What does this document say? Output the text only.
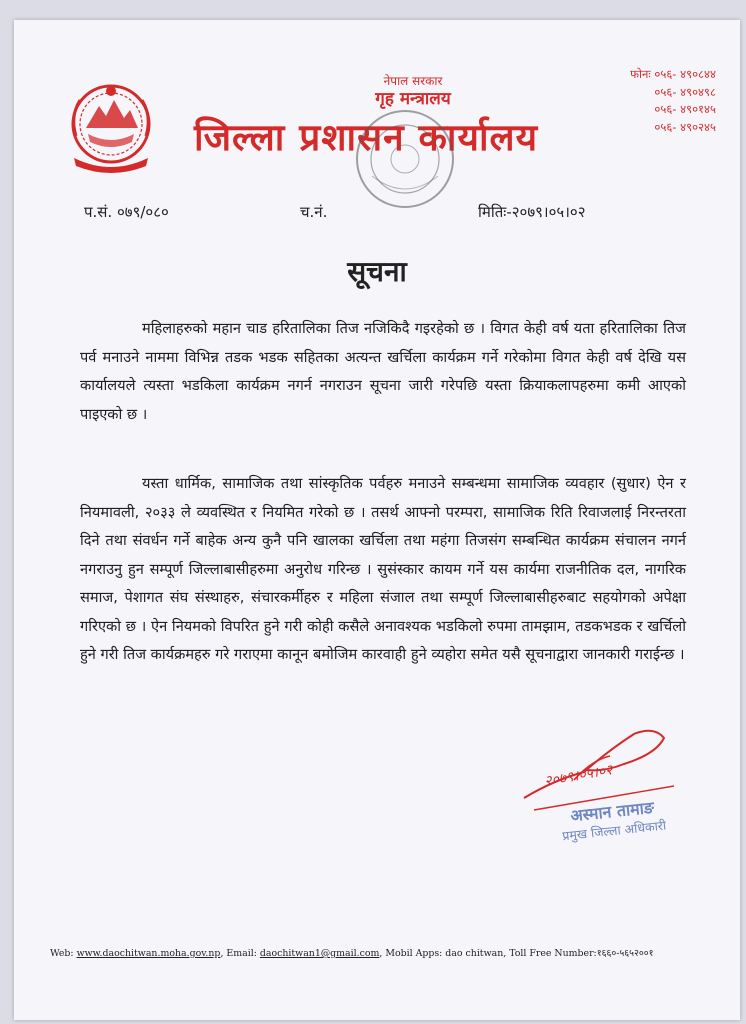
नेपाल सरकार
गृह मन्त्रालय
जिल्ला प्रशासन कार्यालय
फोनः ०५६- ४९०८४४
०५६- ४९०४९८
०५६- ४९०१४५
०५६- ४९०२४५
प.सं. ०७९/०८०	च.नं.	मितिः-२०७९।०५।०२
सूचना

महिलाहरुको महान चाड हरितालिका तिज नजिकिदै गइरहेको छ । विगत केही वर्ष यता हरितालिका तिज पर्व मनाउने नाममा विभिन्न तडक भडक सहितका अत्यन्त खर्चिला कार्यक्रम गर्ने गरेकोमा विगत केही वर्ष देखि यस कार्यालयले त्यस्ता भडकिला कार्यक्रम नगर्न नगराउन सूचना जारी गरेपछि यस्ता क्रियाकलापहरुमा कमी आएको पाइएको छ ।

यस्ता धार्मिक, सामाजिक तथा सांस्कृतिक पर्वहरु मनाउने सम्बन्धमा सामाजिक व्यवहार (सुधार) ऐन र नियमावली, २०३३ ले व्यवस्थित र नियमित गरेको छ । तसर्थ आफ्नो परम्परा, सामाजिक रिति रिवाजलाई निरन्तरता दिने तथा संवर्धन गर्ने बाहेक अन्य कुनै पनि खालका खर्चिला तथा महंगा तिजसंग सम्बन्धित कार्यक्रम संचालन नगर्न नगराउनु हुन सम्पूर्ण जिल्लाबासीहरुमा अनुरोध गरिन्छ । सुसंस्कार कायम गर्ने यस कार्यमा राजनीतिक दल, नागरिक समाज, पेशागत संघ संस्थाहरु, संचारकर्मीहरु र महिला संजाल तथा सम्पूर्ण जिल्लाबासीहरुबाट सहयोगको अपेक्षा गरिएको छ । ऐन नियमको विपरित हुने गरी कोही कसैले अनावश्यक भडकिलो रुपमा तामझाम, तडकभडक र खर्चिलो हुने गरी तिज कार्यक्रमहरु गरे गराएमा कानून बमोजिम कारवाही हुने व्यहोरा समेत यसै सूचनाद्वारा जानकारी गराईन्छ ।

२०७९।०५।०२
अस्मान तामाङ
प्रमुख जिल्ला अधिकारी
Web: www.daochitwan.moha.gov.np, Email: daochitwan1@gmail.com, Mobil Apps: dao chitwan, Toll Free Number:१६६०-५६५२००१
